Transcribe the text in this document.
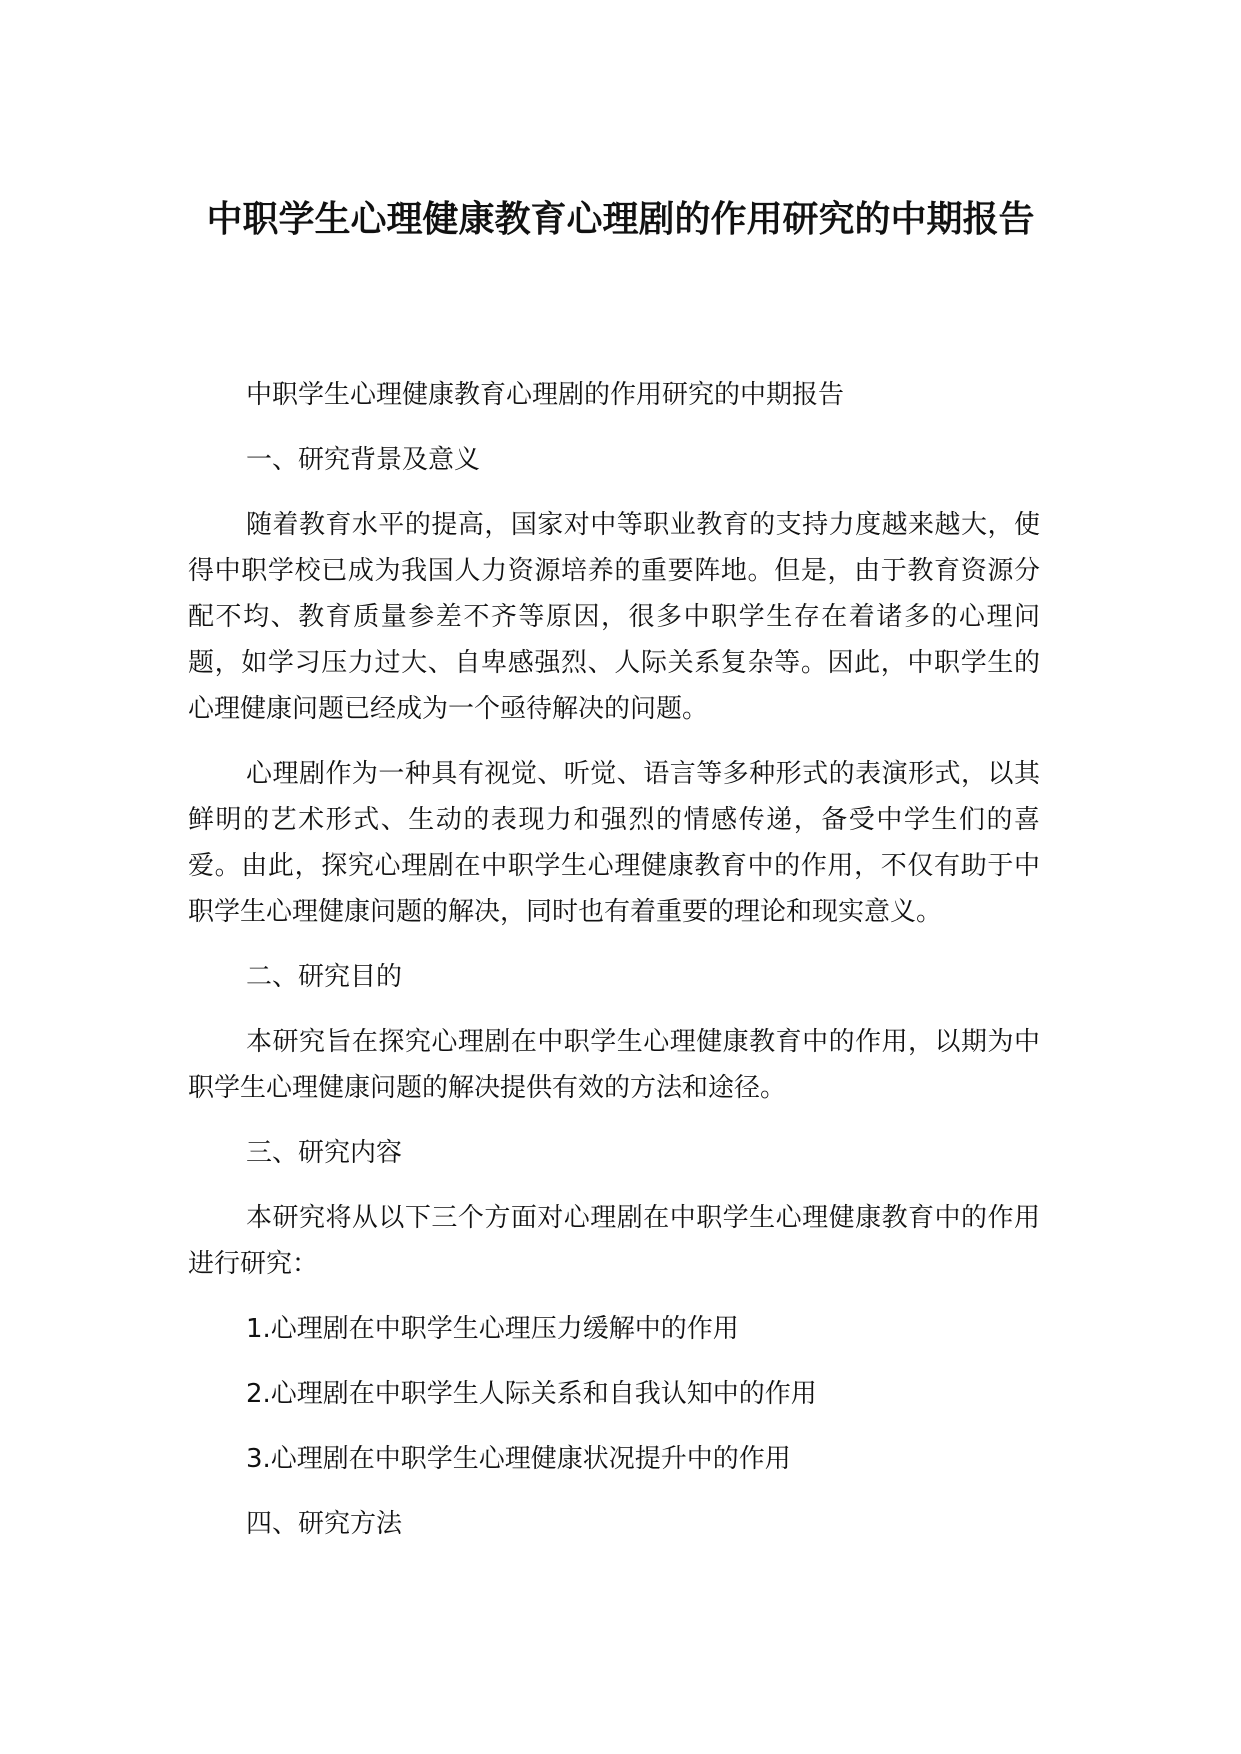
中职学生心理健康教育心理剧的作用研究的中期报告

中职学生心理健康教育心理剧的作用研究的中期报告

一、研究背景及意义

随着教育水平的提高，国家对中等职业教育的支持力度越来越大，使得中职学校已成为我国人力资源培养的重要阵地。但是，由于教育资源分配不均、教育质量参差不齐等原因，很多中职学生存在着诸多的心理问题，如学习压力过大、自卑感强烈、人际关系复杂等。因此，中职学生的心理健康问题已经成为一个亟待解决的问题。

心理剧作为一种具有视觉、听觉、语言等多种形式的表演形式，以其鲜明的艺术形式、生动的表现力和强烈的情感传递，备受中学生们的喜爱。由此，探究心理剧在中职学生心理健康教育中的作用，不仅有助于中职学生心理健康问题的解决，同时也有着重要的理论和现实意义。

二、研究目的

本研究旨在探究心理剧在中职学生心理健康教育中的作用，以期为中职学生心理健康问题的解决提供有效的方法和途径。

三、研究内容

本研究将从以下三个方面对心理剧在中职学生心理健康教育中的作用进行研究：

1.心理剧在中职学生心理压力缓解中的作用

2.心理剧在中职学生人际关系和自我认知中的作用

3.心理剧在中职学生心理健康状况提升中的作用

四、研究方法
